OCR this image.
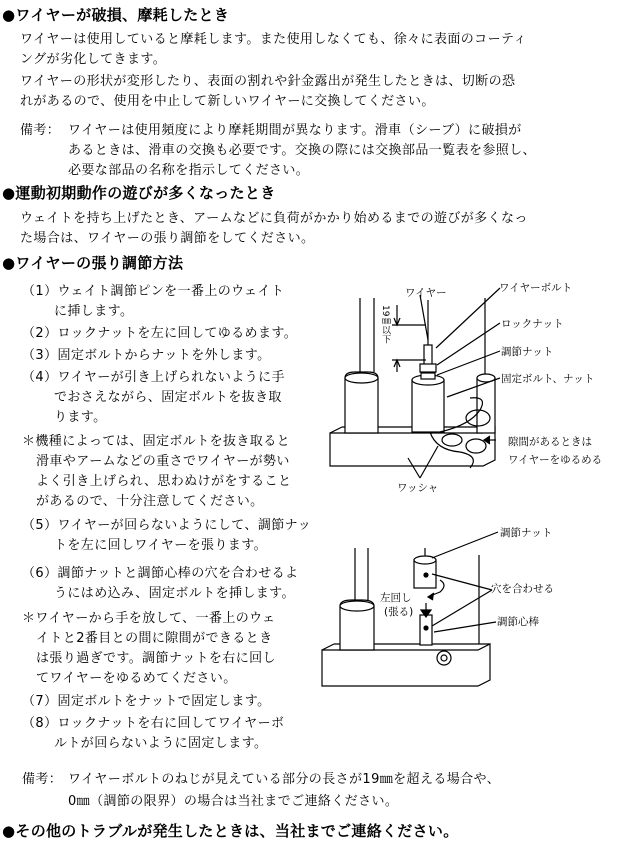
●ワイヤーが破損、摩耗したとき
ワイヤーは使用していると摩耗します。また使用しなくても、徐々に表面のコーティ
ングが劣化してきます。
ワイヤーの形状が変形したり、表面の割れや針金露出が発生したときは、切断の恐
れがあるので、使用を中止して新しいワイヤーに交換してください。
備考： ワイヤーは使用頻度により摩耗期間が異なります。滑車（シーブ）に破損が
あるときは、滑車の交換も必要です。交換の際には交換部品一覧表を参照し、
必要な部品の名称を指示してください。
●運動初期動作の遊びが多くなったとき
ウェイトを持ち上げたとき、アームなどに負荷がかかり始めるまでの遊びが多くなっ
た場合は、ワイヤーの張り調節をしてください。
●ワイヤーの張り調節方法
（1）ウェイト調節ピンを一番上のウェイト
に挿します。
（2）ロックナットを左に回してゆるめます。
（3）固定ボルトからナットを外します。
（4）ワイヤーが引き上げられないように手
でおさえながら、固定ボルトを抜き取
ります。
＊機種によっては、固定ボルトを抜き取ると
滑車やアームなどの重さでワイヤーが勢い
よく引き上げられ、思わぬけがをすること
があるので、十分注意してください。
（5）ワイヤーが回らないようにして、調節ナッ
トを左に回しワイヤーを張ります。
（6）調節ナットと調節心棒の穴を合わせるよ
うにはめ込み、固定ボルトを挿します。
＊ワイヤーから手を放して、一番上のウェ
イトと2番目との間に隙間ができるとき
は張り過ぎです。調節ナットを右に回し
てワイヤーをゆるめてください。
（7）固定ボルトをナットで固定します。
（8）ロックナットを右に回してワイヤーボ
ルトが回らないように固定します。
ワイヤー	ワイヤーボルト
ロックナット
調節ナット
固定ボルト、ナット
19㎜以下
隙間があるときは
ワイヤーをゆるめる
ワッシャ
調節ナット
左回し
(張る)
穴を合わせる
調節心棒
備考： ワイヤーボルトのねじが見えている部分の長さが19㎜を超える場合や、
0㎜（調節の限界）の場合は当社までご連絡ください。
●その他のトラブルが発生したときは、当社までご連絡ください。
